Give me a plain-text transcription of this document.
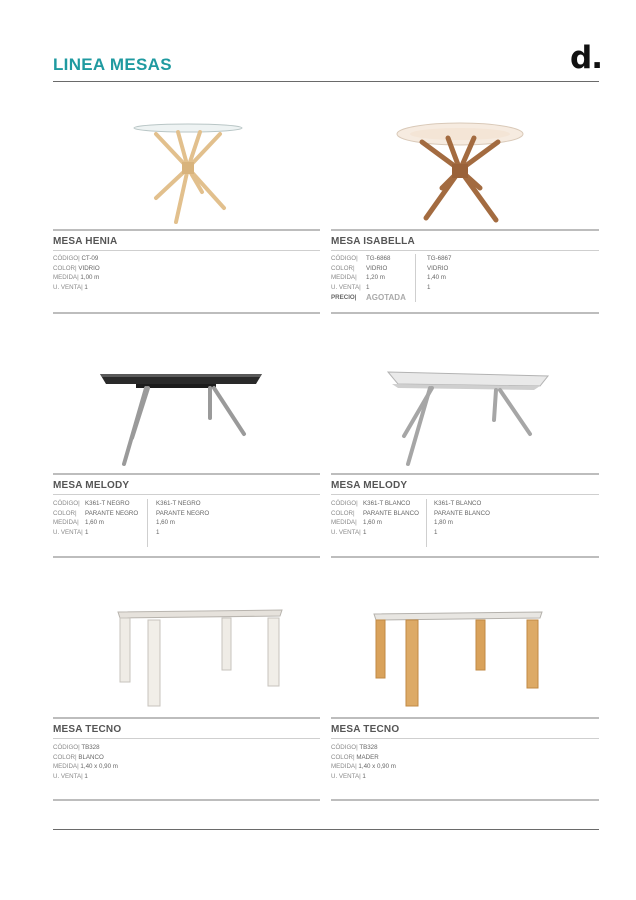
LINEA MESAS	d.
MESA HENIA
CÓDIGO| CT-09
COLOR| VIDRIO
MEDIDA| 1,00 m
U. VENTA| 1
MESA ISABELLA
CÓDIGO|
COLOR|
MEDIDA|
U. VENTA|
PRECIO|
TG-6868
VIDRIO
1,20 m
1
AGOTADA
TG-6867
VIDRIO
1,40 m
1
MESA MELODY
CÓDIGO|
COLOR|
MEDIDA|
U. VENTA|
K361-T NEGRO
PARANTE NEGRO
1,60 m
1
K361-T NEGRO
PARANTE NEGRO
1,60 m
1
MESA MELODY
CÓDIGO|
COLOR|
MEDIDA|
U. VENTA|
K361-T BLANCO
PARANTE BLANCO
1,60 m
1
K361-T BLANCO
PARANTE BLANCO
1,80 m
1
MESA TECNO
CÓDIGO| TB328
COLOR| BLANCO
MEDIDA| 1,40 x 0,90 m
U. VENTA| 1
MESA TECNO
CÓDIGO| TB328
COLOR| MADER
MEDIDA| 1,40 x 0,90 m
U. VENTA| 1
